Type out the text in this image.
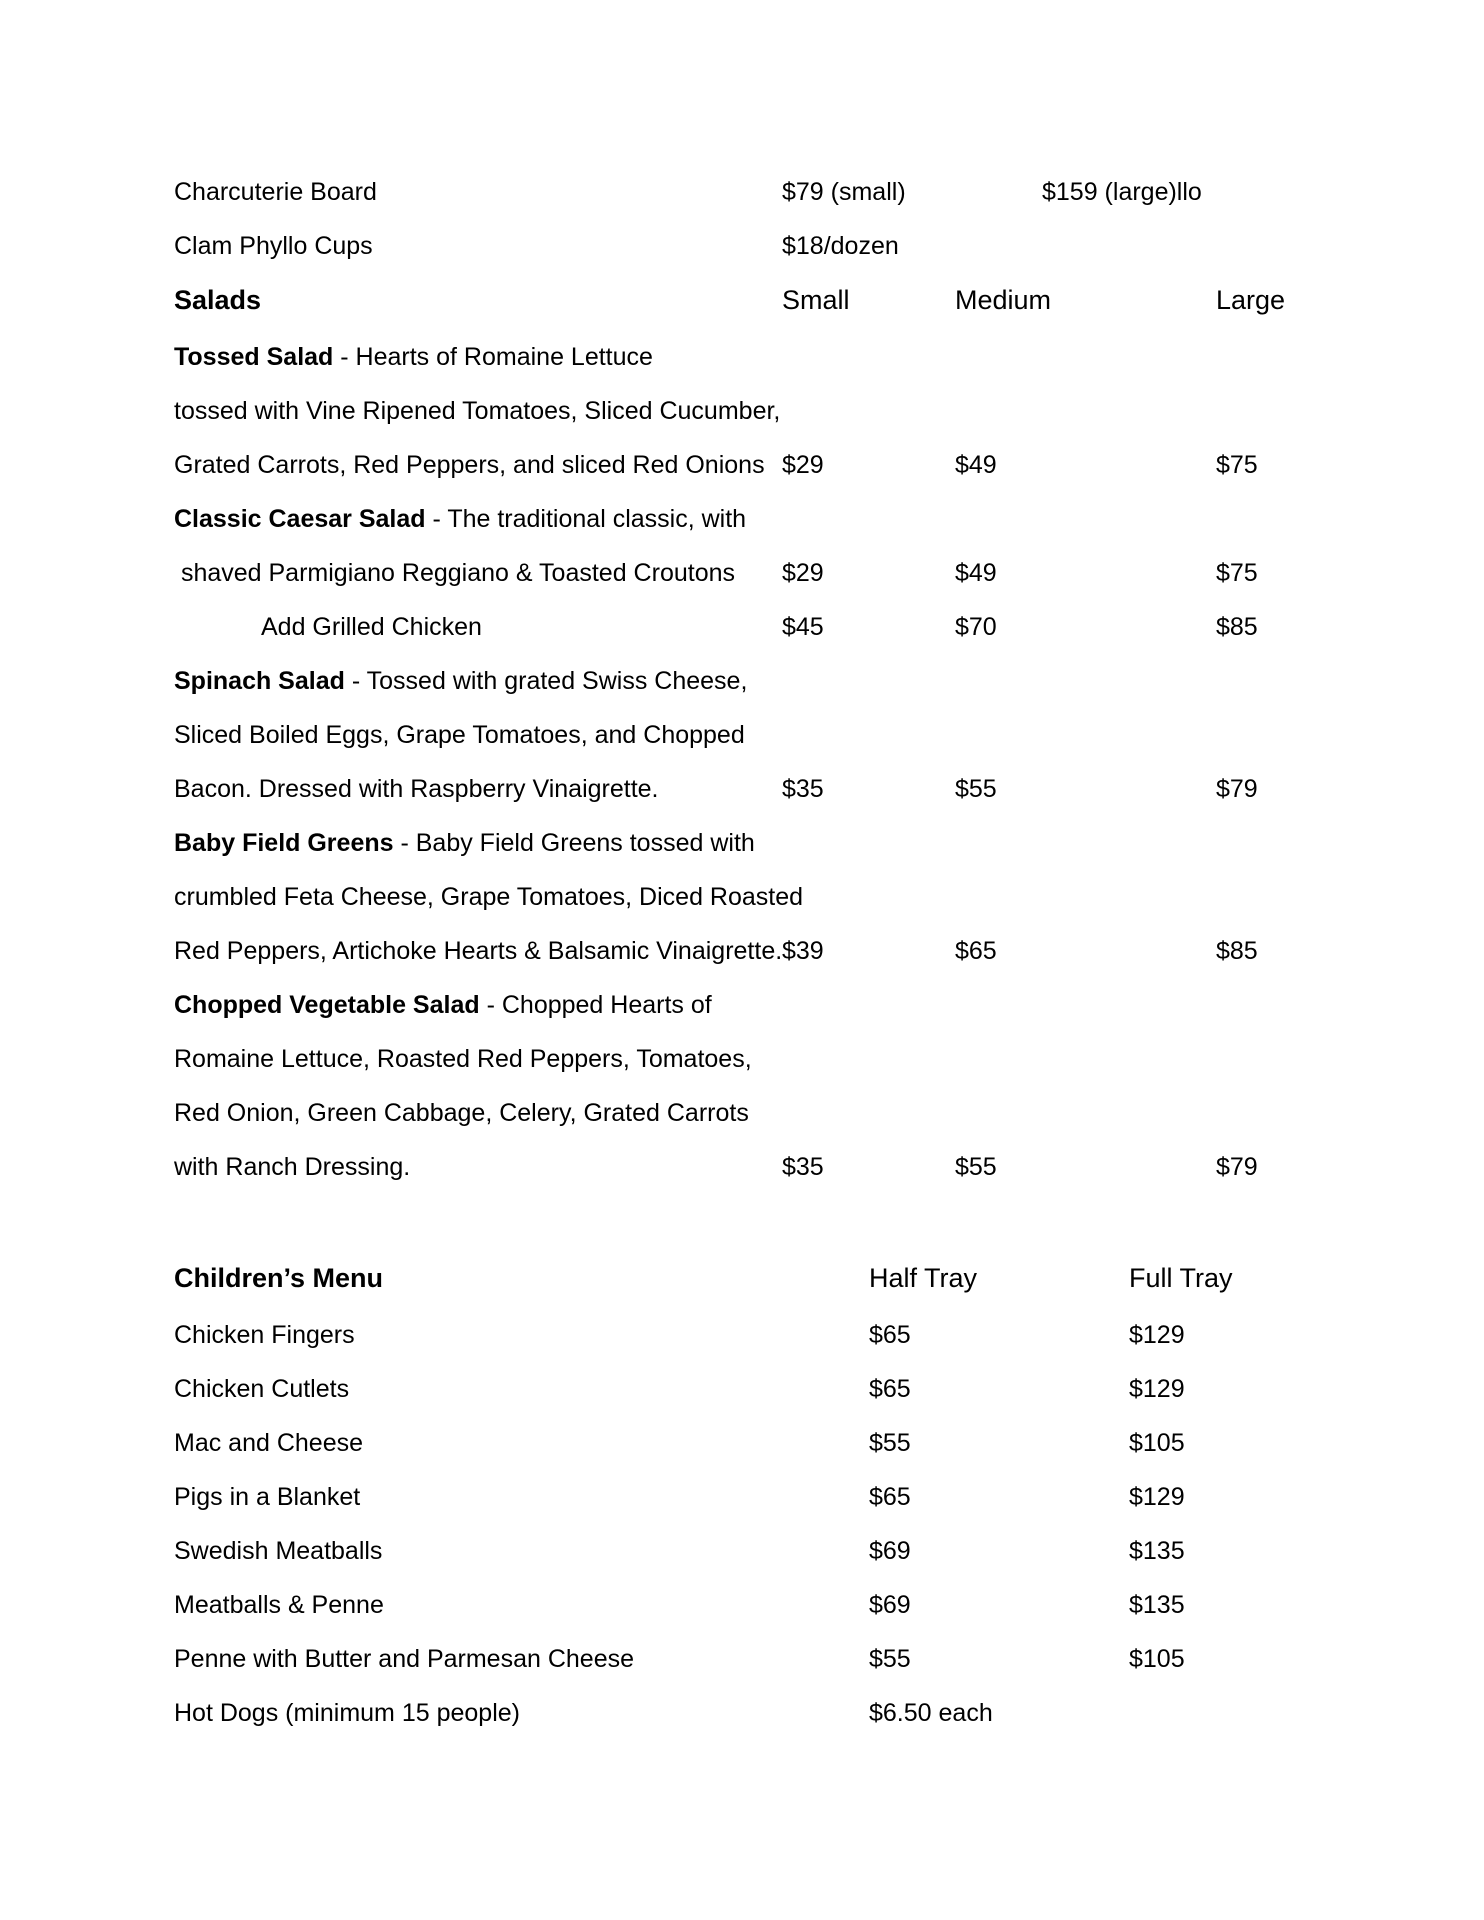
Charcuterie Board	$79 (small)	$159 (large)llo
Clam Phyllo Cups	$18/dozen
Salads	Small	Medium	Large
Tossed Salad - Hearts of Romaine Lettuce
tossed with Vine Ripened Tomatoes, Sliced Cucumber,
Grated Carrots, Red Peppers, and sliced Red Onions $29	$49	$75
Classic Caesar Salad - The traditional classic, with
shaved Parmigiano Reggiano & Toasted Croutons $29	$49	$75
Add Grilled Chicken	$45	$70	$85
Spinach Salad - Tossed with grated Swiss Cheese,
Sliced Boiled Eggs, Grape Tomatoes, and Chopped
Bacon. Dressed with Raspberry Vinaigrette.	$35	$55	$79
Baby Field Greens - Baby Field Greens tossed with
crumbled Feta Cheese, Grape Tomatoes, Diced Roasted
Red Peppers, Artichoke Hearts & Balsamic Vinaigrette. $39	$65	$85
Chopped Vegetable Salad - Chopped Hearts of
Romaine Lettuce, Roasted Red Peppers, Tomatoes,
Red Onion, Green Cabbage, Celery, Grated Carrots
with Ranch Dressing.	$35	$55	$79
Children’s Menu	Half Tray	Full Tray
Chicken Fingers	$65	$129
Chicken Cutlets	$65	$129
Mac and Cheese	$55	$105
Pigs in a Blanket	$65	$129
Swedish Meatballs	$69	$135
Meatballs & Penne	$69	$135
Penne with Butter and Parmesan Cheese	$55	$105
Hot Dogs (minimum 15 people)	$6.50 each
